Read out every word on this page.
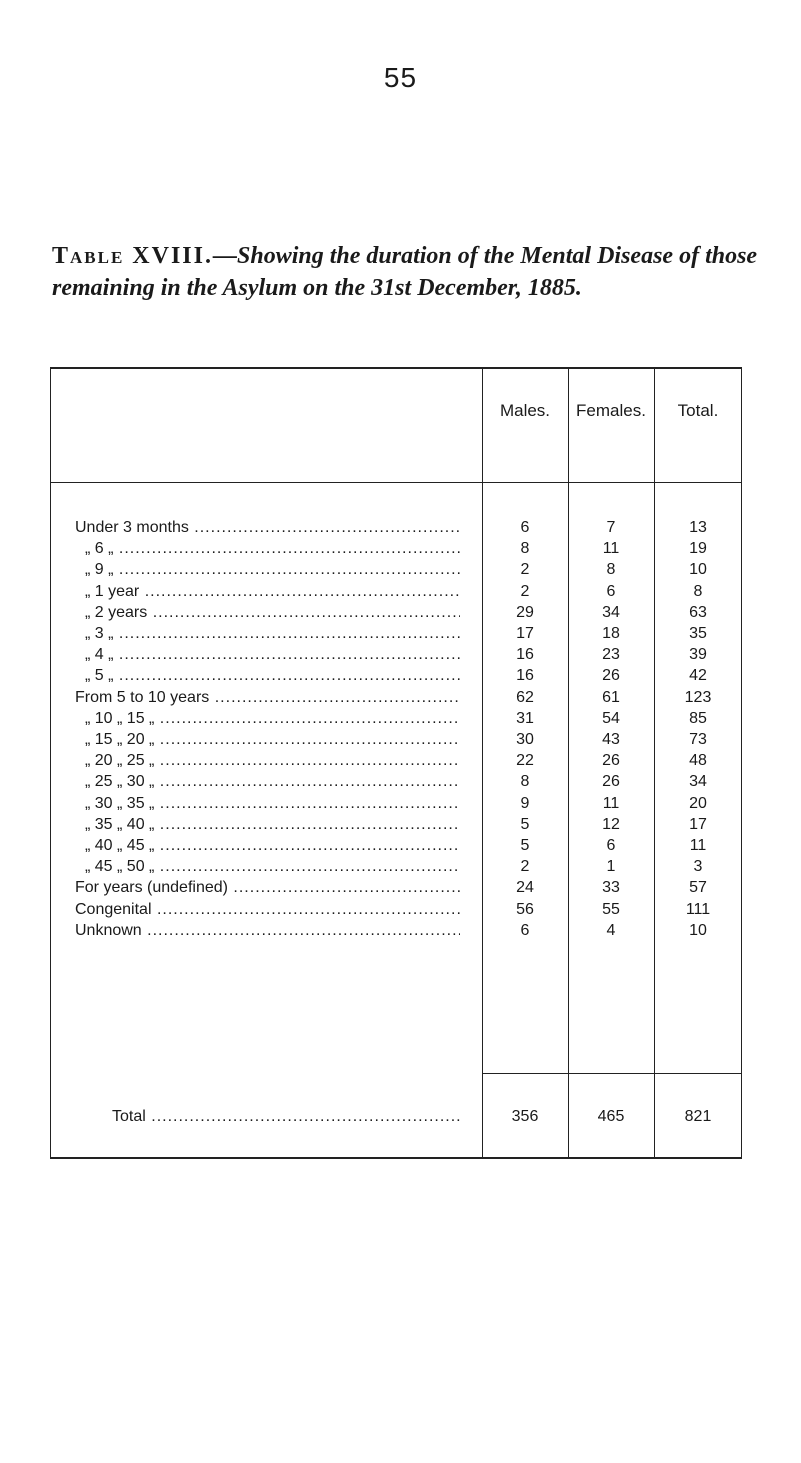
55
Table XVIII.—Showing the duration of the Mental Disease of those remaining in the Asylum on the 31st December, 1885.
Males.	Females.	Total.
Under 3 months .....	6	7	13
„ 6 „ .....	8	11	19
„ 9 „ .....	2	8	10
„ 1 year .....	2	6	8
„ 2 years .....	29	34	63
„ 3 „ .....	17	18	35
„ 4 „ .....	16	23	39
„ 5 „ .....	16	26	42
From 5 to 10 years .....	62	61	123
„ 10 „ 15 „ .....	31	54	85
„ 15 „ 20 „ .....	30	43	73
„ 20 „ 25 „ .....	22	26	48
„ 25 „ 30 „ .....	8	26	34
„ 30 „ 35 „ .....	9	11	20
„ 35 „ 40 „ .....	5	12	17
„ 40 „ 45 „ .....	5	6	11
„ 45 „ 50 „ .....	2	1	3
For years (undefined) .....	24	33	57
Congenital .....	56	55	111
Unknown .....	6	4	10
Total .....	356	465	821
